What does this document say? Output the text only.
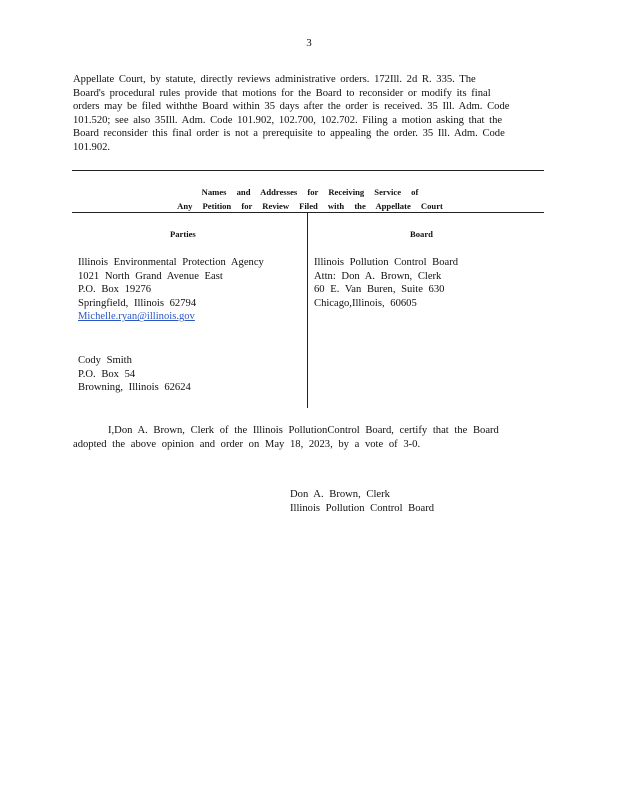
3
Appellate Court, by statute, directly reviews administrative orders. 172Ill. 2d R. 335. The
Board's procedural rules provide that motions for the Board to reconsider or modify its final
orders may be filed withthe Board within 35 days after the order is received. 35 Ill. Adm. Code
101.520; see also 35Ill. Adm. Code 101.902, 102.700, 102.702. Filing a motion asking that the
Board reconsider this final order is not a prerequisite to appealing the order. 35 Ill. Adm. Code
101.902.
Names and Addresses for Receiving Service of
Any Petition for Review Filed with the Appellate Court
Parties	Board
Illinois Environmental Protection Agency
1021 North Grand Avenue East
P.O. Box 19276
Springfield, Illinois 62794
Michelle.ryan@illinois.gov
Cody Smith
P.O. Box 54
Browning, Illinois 62624
Illinois Pollution Control Board
Attn: Don A. Brown, Clerk
60 E. Van Buren, Suite 630
Chicago,Illinois, 60605
I,Don A. Brown, Clerk of the Illinois PollutionControl Board, certify that the Board
adopted the above opinion and order on May 18, 2023, by a vote of 3-0.
Don A. Brown, Clerk
Illinois Pollution Control Board
